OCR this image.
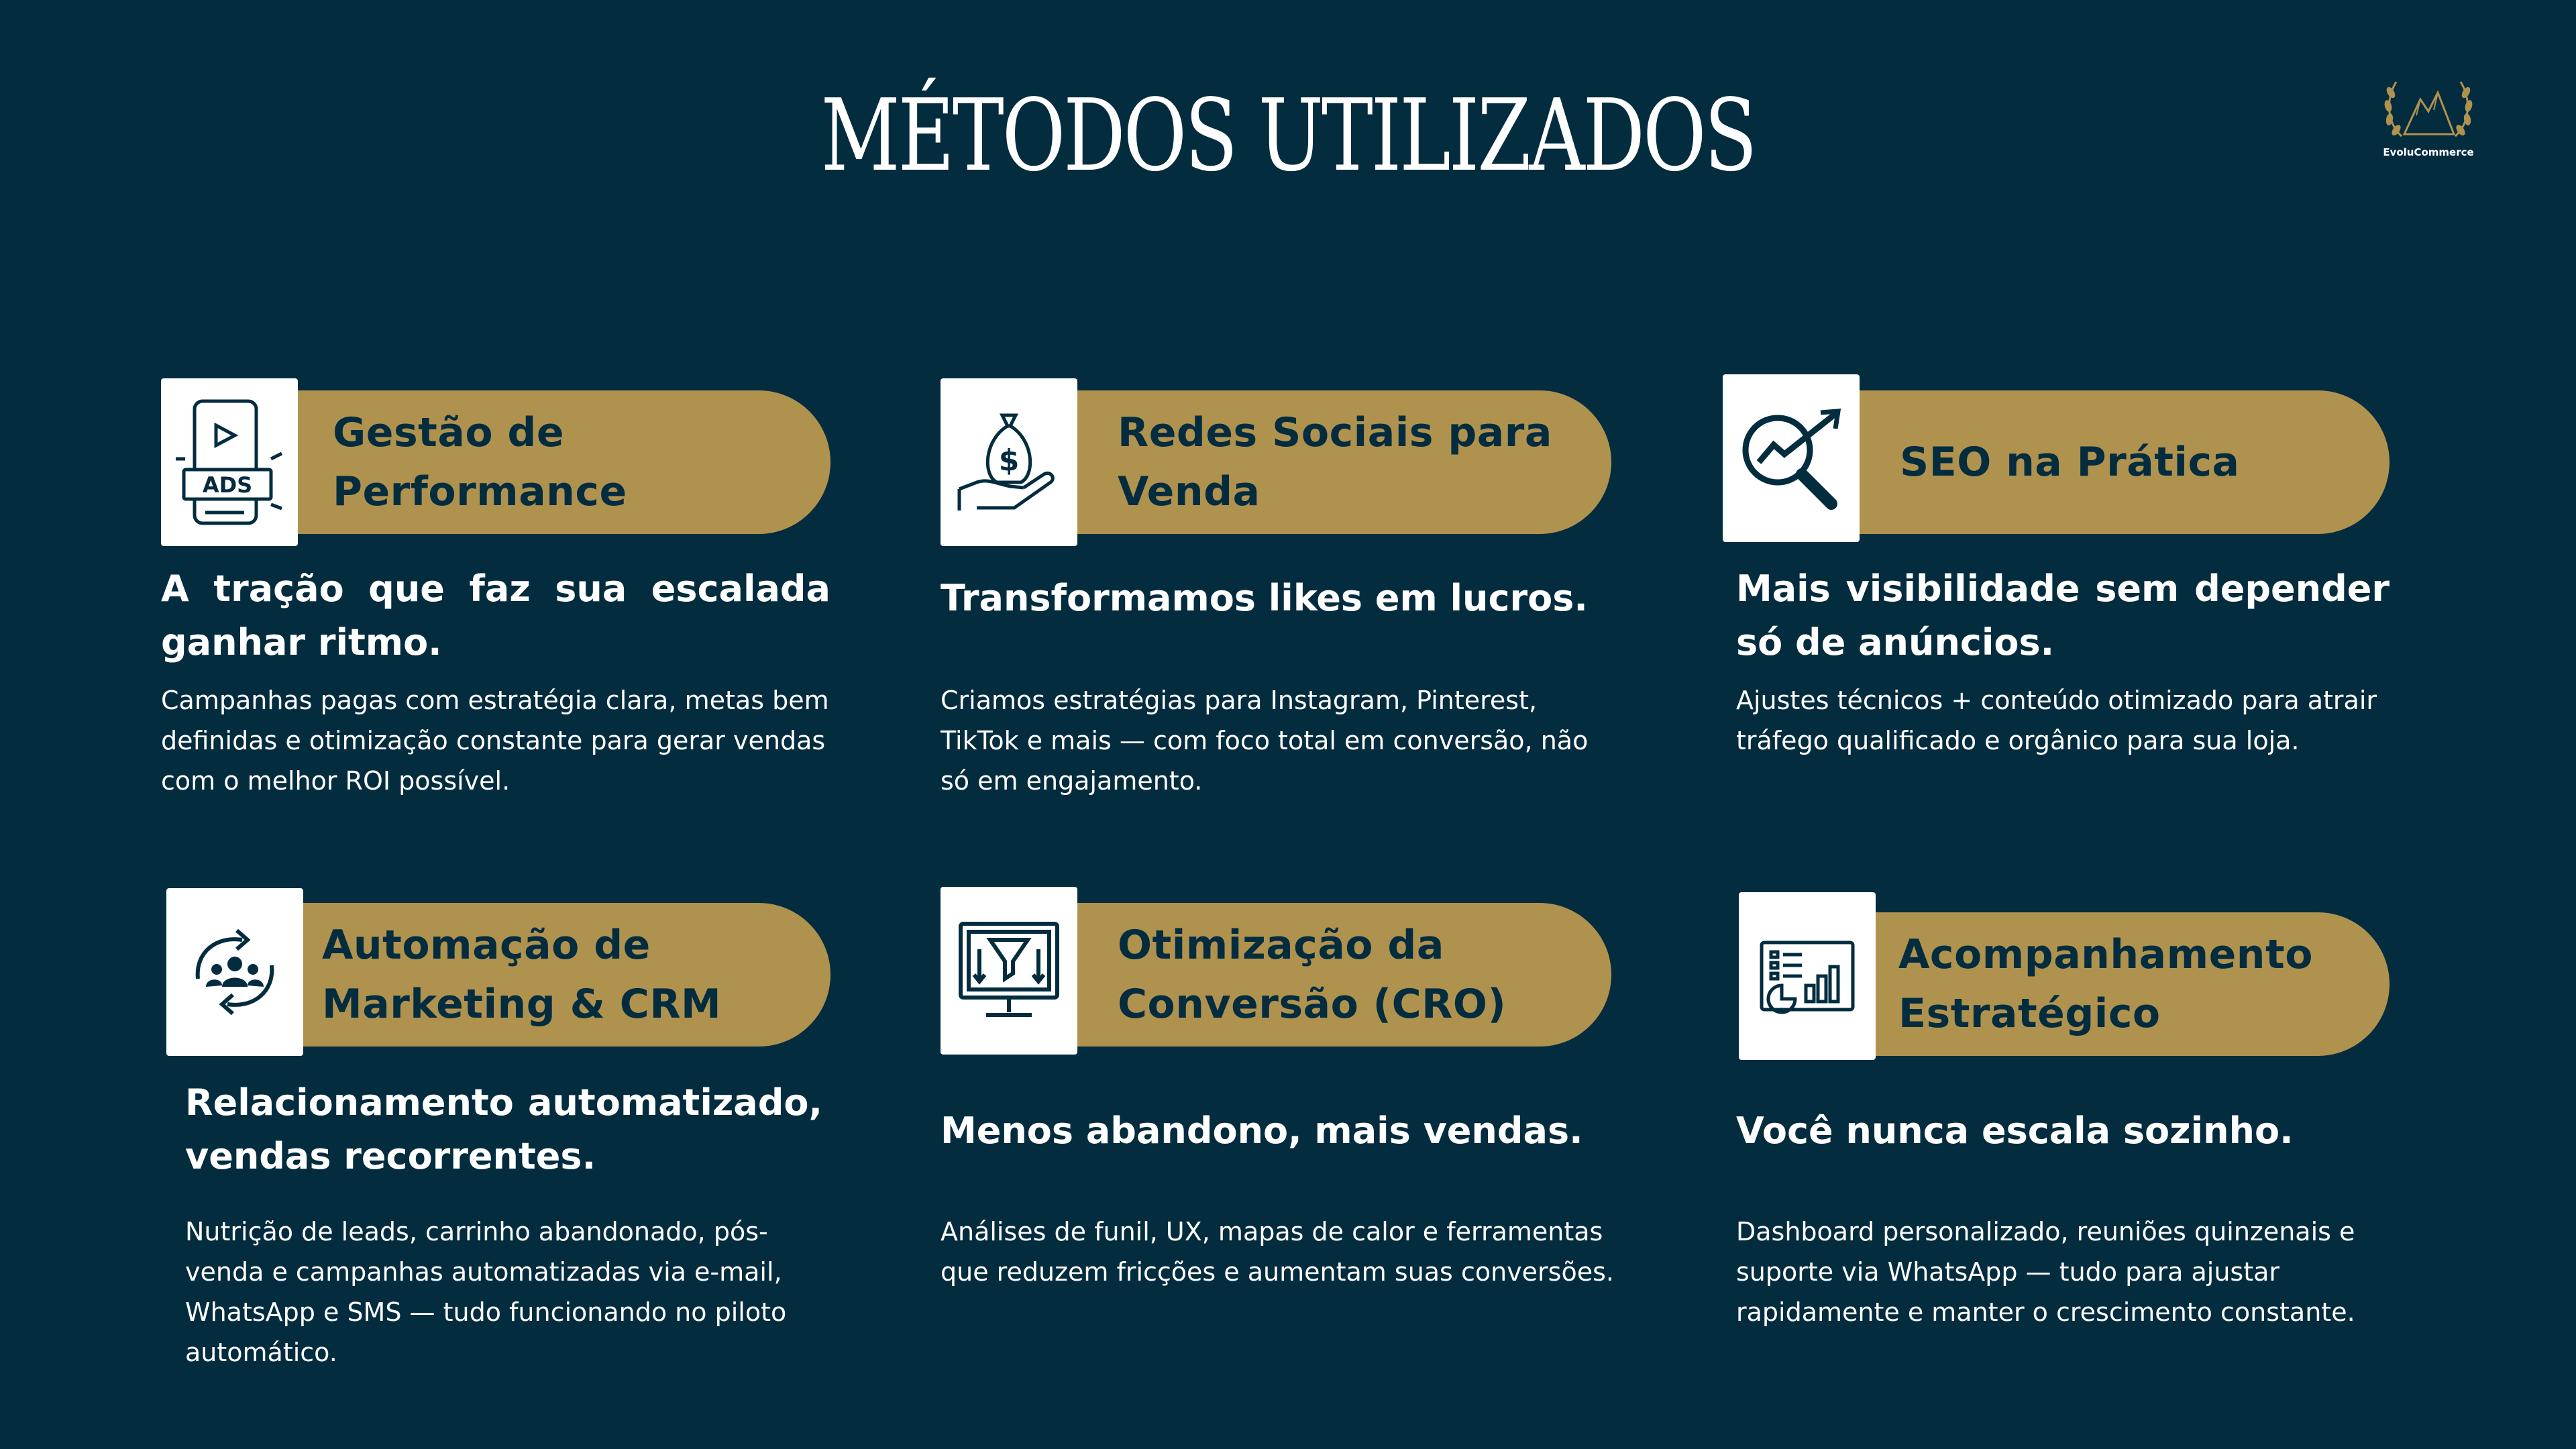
MÉTODOS UTILIZADOS	EvoluCommerce
Gestão de
Performance
ADS
A tração que faz sua escalada ganhar ritmo.
Campanhas pagas com estratégia clara, metas bem definidas e otimização constante para gerar vendas com o melhor ROI possível.
Redes Sociais para
Venda
$
Transformamos likes em lucros.
Criamos estratégias para Instagram, Pinterest, TikTok e mais — com foco total em conversão, não só em engajamento.
SEO na Prática
Mais visibilidade sem depender só de anúncios.
Ajustes técnicos + conteúdo otimizado para atrair tráfego qualificado e orgânico para sua loja.
Automação de
Marketing & CRM
Relacionamento automatizado, vendas recorrentes.
Nutrição de leads, carrinho abandonado, pós-venda e campanhas automatizadas via e-mail, WhatsApp e SMS — tudo funcionando no piloto automático.
Otimização da
Conversão (CRO)
Menos abandono, mais vendas.
Análises de funil, UX, mapas de calor e ferramentas que reduzem fricções e aumentam suas conversões.
Acompanhamento
Estratégico
Você nunca escala sozinho.
Dashboard personalizado, reuniões quinzenais e suporte via WhatsApp — tudo para ajustar rapidamente e manter o crescimento constante.
